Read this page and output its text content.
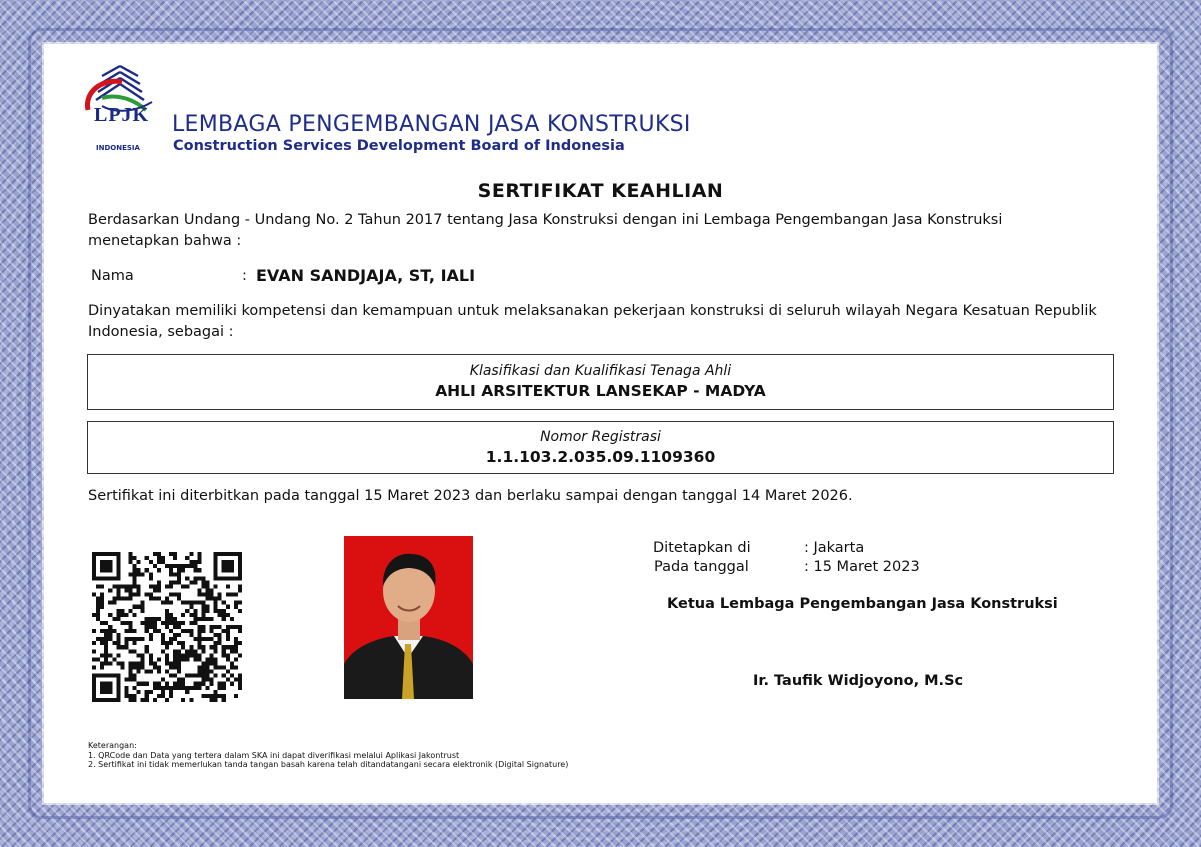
LPJK
INDONESIA
LEMBAGA PENGEMBANGAN JASA KONSTRUKSI
Construction Services Development Board of Indonesia
SERTIFIKAT KEAHLIAN
Berdasarkan Undang - Undang No. 2 Tahun 2017 tentang Jasa Konstruksi dengan ini Lembaga Pengembangan Jasa Konstruksi menetapkan bahwa :
Nama	: EVAN SANDJAJA, ST, IALI
Dinyatakan memiliki kompetensi dan kemampuan untuk melaksanakan pekerjaan konstruksi di seluruh wilayah Negara Kesatuan Republik Indonesia, sebagai :
Klasifikasi dan Kualifikasi Tenaga Ahli
AHLI ARSITEKTUR LANSEKAP - MADYA
Nomor Registrasi
1.1.103.2.035.09.1109360
Sertifikat ini diterbitkan pada tanggal 15 Maret 2023 dan berlaku sampai dengan tanggal 14 Maret 2026.
Ditetapkan di	: Jakarta
Pada tanggal	: 15 Maret 2023
Ketua Lembaga Pengembangan Jasa Konstruksi
Ir. Taufik Widjoyono, M.Sc
Keterangan:
1. QRCode dan Data yang tertera dalam SKA ini dapat diverifikasi melalui Aplikasi Jakontrust
2. Sertifikat ini tidak memerlukan tanda tangan basah karena telah ditandatangani secara elektronik (Digital Signature)
